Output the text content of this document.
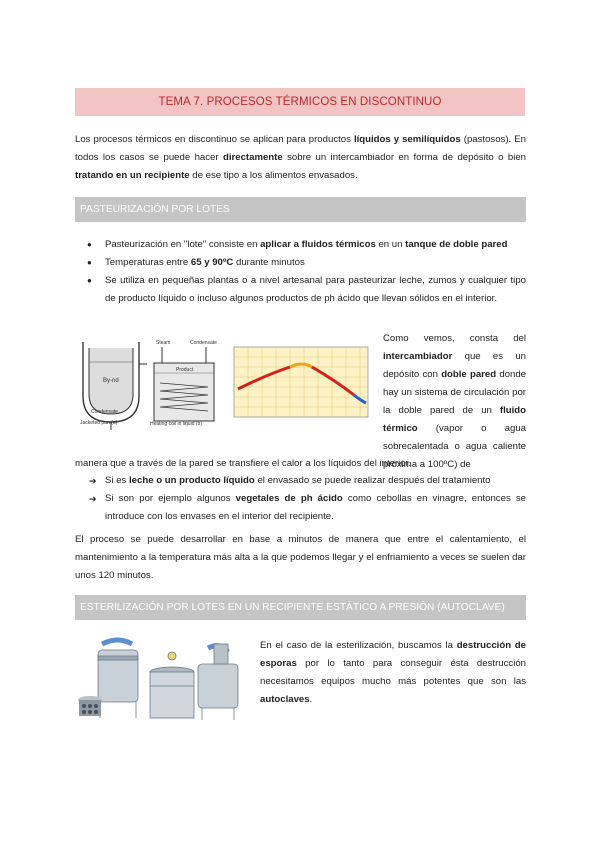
TEMA 7. PROCESOS TÉRMICOS EN DISCONTINUO
Los procesos térmicos en discontinuo se aplican para productos líquidos y semilíquidos (pastosos). En todos los casos se puede hacer directamente sobre un intercambiador en forma de depósito o bien tratando en un recipiente de ese tipo a los alimentos envasados.
PASTEURIZACIÓN POR LOTES
● Pasteurización en "lote" consiste en aplicar a fluidos térmicos en un tanque de doble pared
● Temperaturas entre 65 y 90ºC durante minutos
● Se utiliza en pequeñas plantas o a nivel artesanal para pasteurizar leche, zumos y cualquier tipo de producto líquido o incluso algunos productos de ph ácido que llevan sólidos en el interior.
By-nd
Condensate
Jacketed pan (a)
Steam	Condensate
Product
Heating coil in liquid (b)
Como vemos, consta del intercambiador que es un depósito con doble pared donde hay un sistema de circulación por la doble pared de un fluido térmico (vapor o agua sobrecalentada o agua caliente próxima a 100ºC) de
manera que a través de la pared se transfiere el calor a los líquidos del interior.
➔ Si es leche o un producto líquido el envasado se puede realizar después del tratamiento
➔ Si son por ejemplo algunos vegetales de ph ácido como cebollas en vinagre, entonces se introduce con los envases en el interior del recipiente.
El proceso se puede desarrollar en base a minutos de manera que entre el calentamiento, el mantenimiento a la temperatura más alta a la que podemos llegar y el enfriamiento a veces se suelen dar unos 120 minutos.
ESTERILIZACIÓN POR LOTES EN UN RECIPIENTE ESTÁTICO A PRESIÓN (AUTOCLAVE)
En el caso de la esterilización, buscamos la destrucción de esporas por lo tanto para conseguir ésta destrucción necesitamos equipos mucho más potentes que son las autoclaves.
